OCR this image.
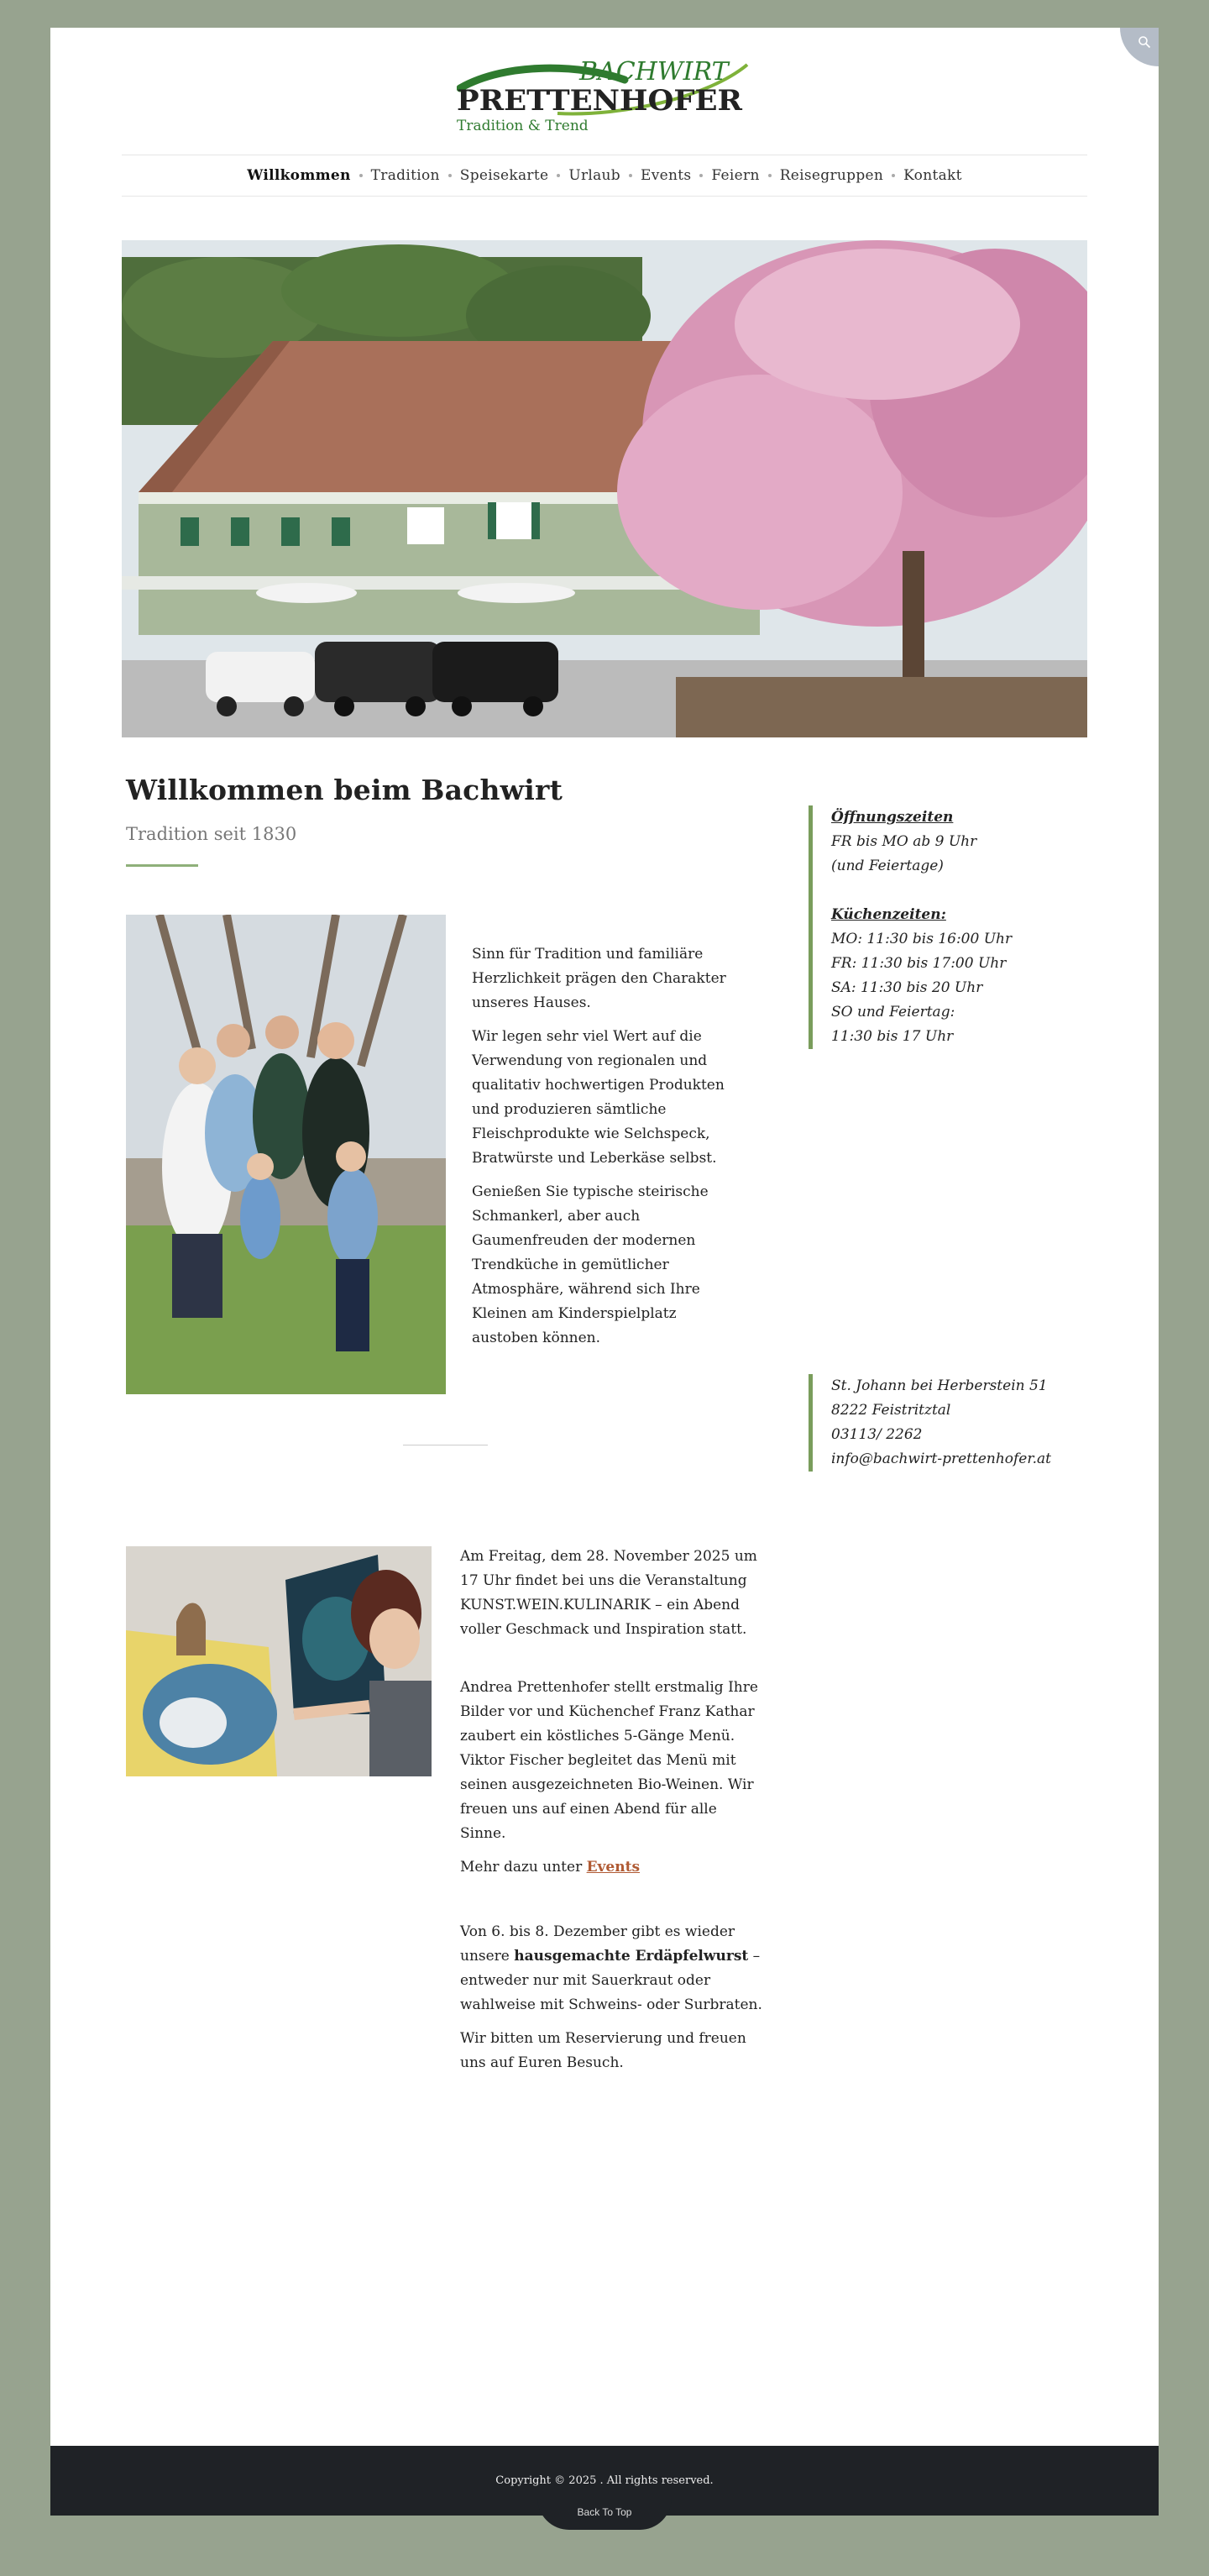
BACHWIRT
PRETTENHOFER
Tradition & Trend
Willkommen	Tradition	Speisekarte	Urlaub	Events	Feiern	Reisegruppen	Kontakt
Willkommen beim Bachwirt
Tradition seit 1830

Sinn für Tradition und familiäre Herzlichkeit prägen den Charakter unseres Hauses.

Wir legen sehr viel Wert auf die Verwendung von regionalen und qualitativ hochwertigen Produkten und produzieren sämtliche Fleischprodukte wie Selchspeck, Bratwürste und Leberkäse selbst.

Genießen Sie typische steirische Schmankerl, aber auch Gaumenfreuden der modernen Trendküche in gemütlicher Atmosphäre, während sich Ihre Kleinen am Kinderspielplatz austoben können.

Öffnungszeiten
FR bis MO ab 9 Uhr
(und Feiertage)
Küchenzeiten:
MO: 11:30 bis 16:00 Uhr
FR: 11:30 bis 17:00 Uhr
SA: 11:30 bis 20 Uhr
SO und Feiertag:
11:30 bis 17 Uhr
St. Johann bei Herberstein 51
8222 Feistritztal
03113/ 2262
info@bachwirt-prettenhofer.at

Am Freitag, dem 28. November 2025 um 17 Uhr findet bei uns die Veranstaltung KUNST.WEIN.KULINARIK – ein Abend voller Geschmack und Inspiration statt.

Andrea Prettenhofer stellt erstmalig Ihre Bilder vor und Küchenchef Franz Kathar zaubert ein köstliches 5-Gänge Menü. Viktor Fischer begleitet das Menü mit seinen ausgezeichneten Bio-Weinen. Wir freuen uns auf einen Abend für alle Sinne.

Mehr dazu unter Events

Von 6. bis 8. Dezember gibt es wieder unsere hausgemachte Erdäpfelwurst – entweder nur mit Sauerkraut oder wahlweise mit Schweins- oder Surbraten.

Wir bitten um Reservierung und freuen uns auf Euren Besuch.

Copyright © 2025 . All rights reserved.
Back To Top
